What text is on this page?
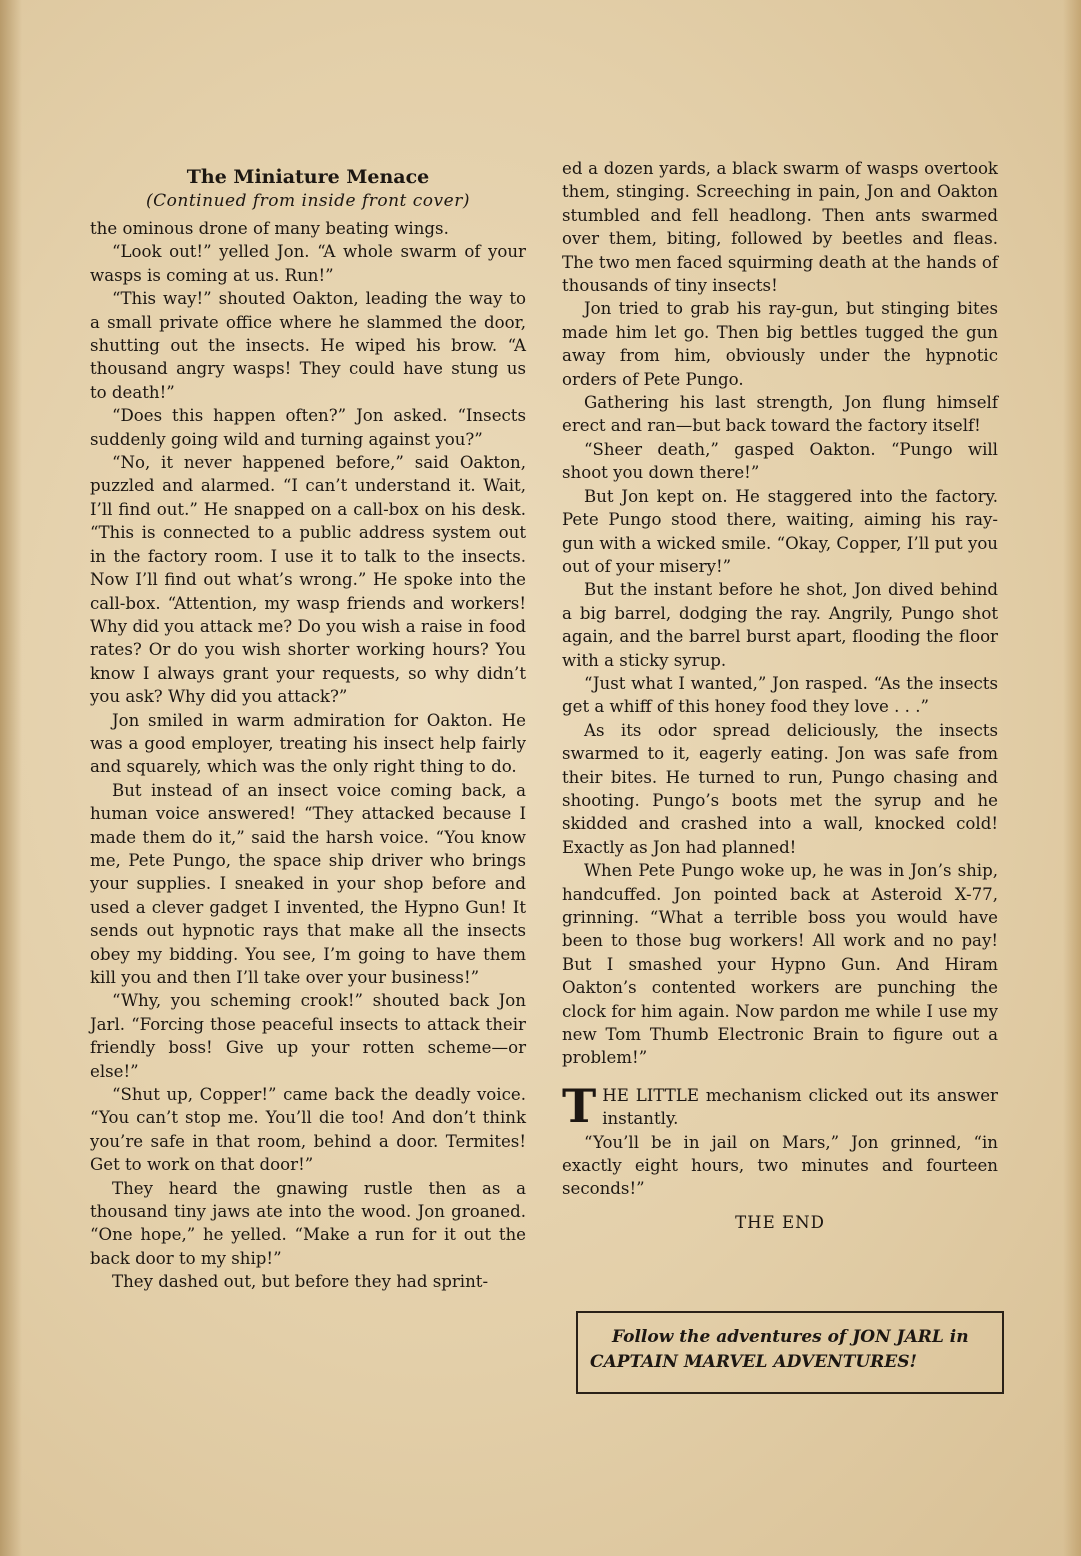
The Miniature Menace
(Continued from inside front cover)

the ominous drone of many beating wings.

“Look out!” yelled Jon. “A whole swarm of your wasps is coming at us. Run!”

“This way!” shouted Oakton, leading the way to a small private office where he slammed the door, shutting out the insects. He wiped his brow. “A thousand angry wasps! They could have stung us to death!”

“Does this happen often?” Jon asked. “Insects suddenly going wild and turning against you?”

“No, it never happened before,” said Oakton, puzzled and alarmed. “I can’t understand it. Wait, I’ll find out.” He snapped on a call-box on his desk. “This is connected to a public address system out in the factory room. I use it to talk to the insects. Now I’ll find out what’s wrong.” He spoke into the call-box. “Attention, my wasp friends and workers! Why did you attack me? Do you wish a raise in food rates? Or do you wish shorter working hours? You know I always grant your requests, so why didn’t you ask? Why did you attack?”

Jon smiled in warm admiration for Oakton. He was a good employer, treating his insect help fairly and squarely, which was the only right thing to do.

But instead of an insect voice coming back, a human voice answered! “They attacked because I made them do it,” said the harsh voice. “You know me, Pete Pungo, the space ship driver who brings your supplies. I sneaked in your shop before and used a clever gadget I invented, the Hypno Gun! It sends out hypnotic rays that make all the insects obey my bidding. You see, I’m going to have them kill you and then I’ll take over your business!”

“Why, you scheming crook!” shouted back Jon Jarl. “Forcing those peaceful insects to attack their friendly boss! Give up your rotten scheme—or else!”

“Shut up, Copper!” came back the deadly voice. “You can’t stop me. You’ll die too! And don’t think you’re safe in that room, behind a door. Termites! Get to work on that door!”

They heard the gnawing rustle then as a thousand tiny jaws ate into the wood. Jon groaned. “One hope,” he yelled. “Make a run for it out the back door to my ship!”

They dashed out, but before they had sprint-

ed a dozen yards, a black swarm of wasps overtook them, stinging. Screeching in pain, Jon and Oakton stumbled and fell headlong. Then ants swarmed over them, biting, followed by beetles and fleas. The two men faced squirming death at the hands of thousands of tiny insects!

Jon tried to grab his ray-gun, but stinging bites made him let go. Then big bettles tugged the gun away from him, obviously under the hypnotic orders of Pete Pungo.

Gathering his last strength, Jon flung himself erect and ran—but back toward the factory itself!

“Sheer death,” gasped Oakton. “Pungo will shoot you down there!”

But Jon kept on. He staggered into the factory. Pete Pungo stood there, waiting, aiming his ray-gun with a wicked smile. “Okay, Copper, I’ll put you out of your misery!”

But the instant before he shot, Jon dived behind a big barrel, dodging the ray. Angrily, Pungo shot again, and the barrel burst apart, flooding the floor with a sticky syrup.

“Just what I wanted,” Jon rasped. “As the insects get a whiff of this honey food they love . . .”

As its odor spread deliciously, the insects swarmed to it, eagerly eating. Jon was safe from their bites. He turned to run, Pungo chasing and shooting. Pungo’s boots met the syrup and he skidded and crashed into a wall, knocked cold! Exactly as Jon had planned!

When Pete Pungo woke up, he was in Jon’s ship, handcuffed. Jon pointed back at Asteroid X-77, grinning. “What a terrible boss you would have been to those bug workers! All work and no pay! But I smashed your Hypno Gun. And Hiram Oakton’s contented workers are punching the clock for him again. Now pardon me while I use my new Tom Thumb Electronic Brain to figure out a problem!”

THE LITTLE mechanism clicked out its answer instantly.

“You’ll be in jail on Mars,” Jon grinned, “in exactly eight hours, two minutes and fourteen seconds!”

THE END

Follow the adventures of JON JARL in
CAPTAIN MARVEL ADVENTURES!
